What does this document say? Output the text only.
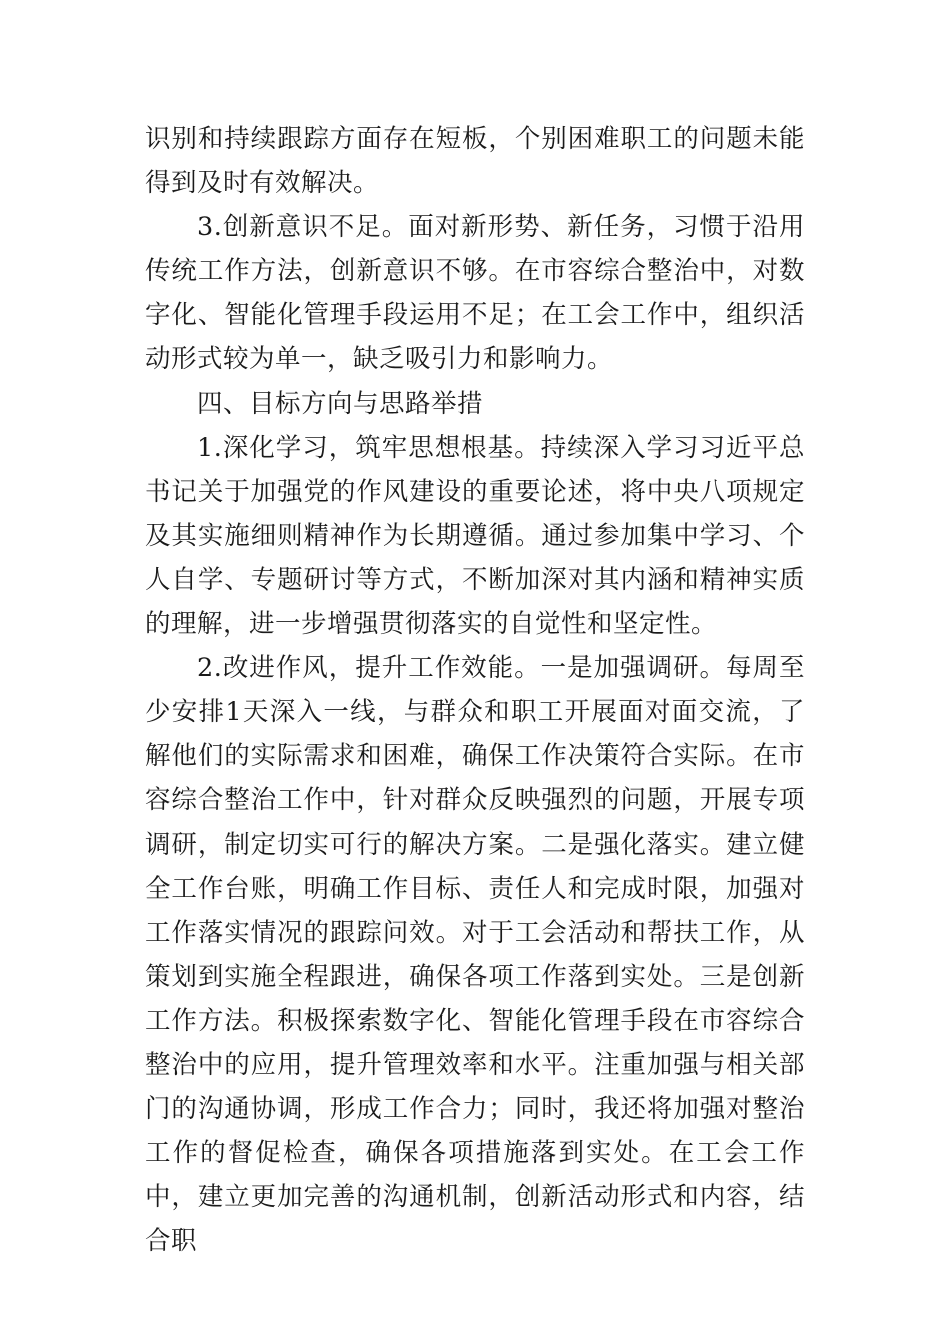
识别和持续跟踪方面存在短板，个别困难职工的问题未能得到及时有效解决。

3.创新意识不足。面对新形势、新任务，习惯于沿用传统工作方法，创新意识不够。在市容综合整治中，对数字化、智能化管理手段运用不足；在工会工作中，组织活动形式较为单一，缺乏吸引力和影响力。

四、目标方向与思路举措

1.深化学习，筑牢思想根基。持续深入学习习近平总书记关于加强党的作风建设的重要论述，将中央八项规定及其实施细则精神作为长期遵循。通过参加集中学习、个人自学、专题研讨等方式，不断加深对其内涵和精神实质的理解，进一步增强贯彻落实的自觉性和坚定性。

2.改进作风，提升工作效能。一是加强调研。每周至少安排1天深入一线，与群众和职工开展面对面交流，了解他们的实际需求和困难，确保工作决策符合实际。在市容综合整治工作中，针对群众反映强烈的问题，开展专项调研，制定切实可行的解决方案。二是强化落实。建立健全工作台账，明确工作目标、责任人和完成时限，加强对工作落实情况的跟踪问效。对于工会活动和帮扶工作，从策划到实施全程跟进，确保各项工作落到实处。三是创新工作方法。积极探索数字化、智能化管理手段在市容综合整治中的应用，提升管理效率和水平。注重加强与相关部门的沟通协调，形成工作合力；同时，我还将加强对整治工作的督促检查，确保各项措施落到实处。在工会工作中，建立更加完善的沟通机制，创新活动形式和内容，结合职
